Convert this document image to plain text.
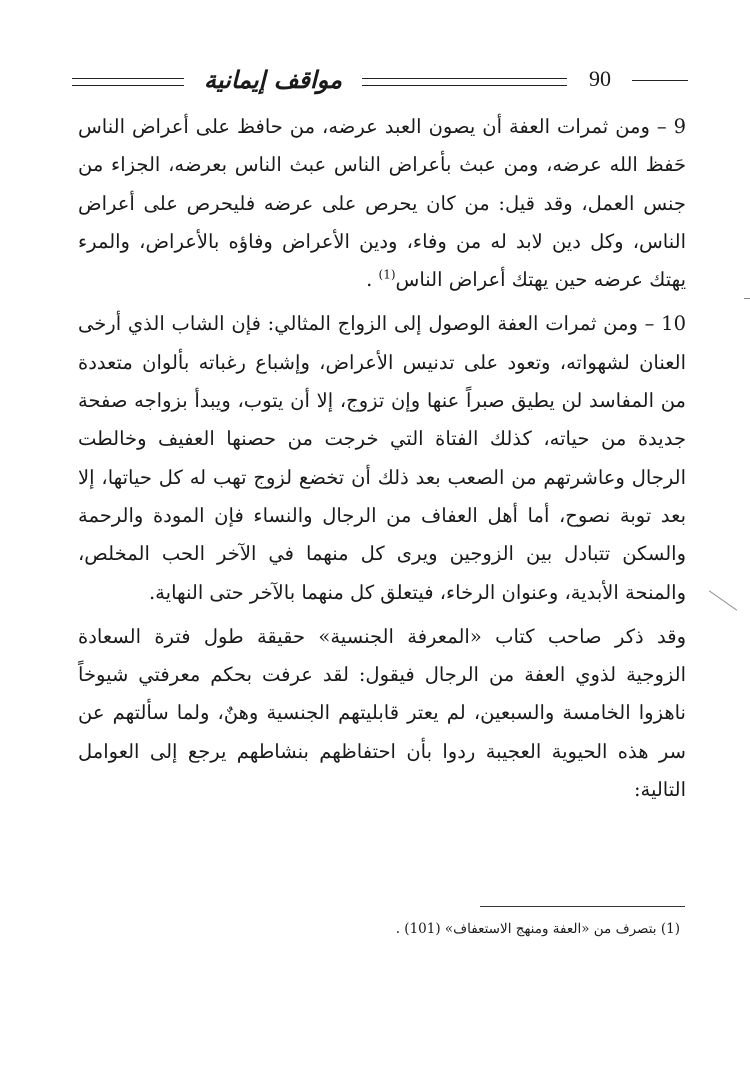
مواقف إيمانية	90

9 – ومن ثمرات العفة أن يصون العبد عرضه، من حافظ على أعراض الناس حَفظ الله عرضه، ومن عبث بأعراض الناس عبث الناس بعرضه، الجزاء من جنس العمل، وقد قيل: من كان يحرص على عرضه فليحرص على أعراض الناس، وكل دين لابد له من وفاء، ودين الأعراض وفاؤه بالأعراض، والمرء يهتك عرضه حين يهتك أعراض الناس$^{(1)}$ .

10 – ومن ثمرات العفة الوصول إلى الزواج المثالي: فإن الشاب الذي أرخى العنان لشهواته، وتعود على تدنيس الأعراض، وإشباع رغباته بألوان متعددة من المفاسد لن يطيق صبراً عنها وإن تزوج، إلا أن يتوب، ويبدأ بزواجه صفحة جديدة من حياته، كذلك الفتاة التي خرجت من حصنها العفيف وخالطت الرجال وعاشرتهم من الصعب بعد ذلك أن تخضع لزوج تهب له كل حياتها، إلا بعد توبة نصوح، أما أهل العفاف من الرجال والنساء فإن المودة والرحمة والسكن تتبادل بين الزوجين ويرى كل منهما في الآخر الحب المخلص، والمنحة الأبدية، وعنوان الرخاء، فيتعلق كل منهما بالآخر حتى النهاية.

وقد ذكر صاحب كتاب «المعرفة الجنسية» حقيقة طول فترة السعادة الزوجية لذوي العفة من الرجال فيقول: لقد عرفت بحكم معرفتي شيوخاً ناهزوا الخامسة والسبعين، لم يعتر قابليتهم الجنسية وهنٌ، ولما سألتهم عن سر هذه الحيوية العجيبة ردوا بأن احتفاظهم بنشاطهم يرجع إلى العوامل التالية:

(1) بتصرف من «العفة ومنهج الاستعفاف» (101) .
